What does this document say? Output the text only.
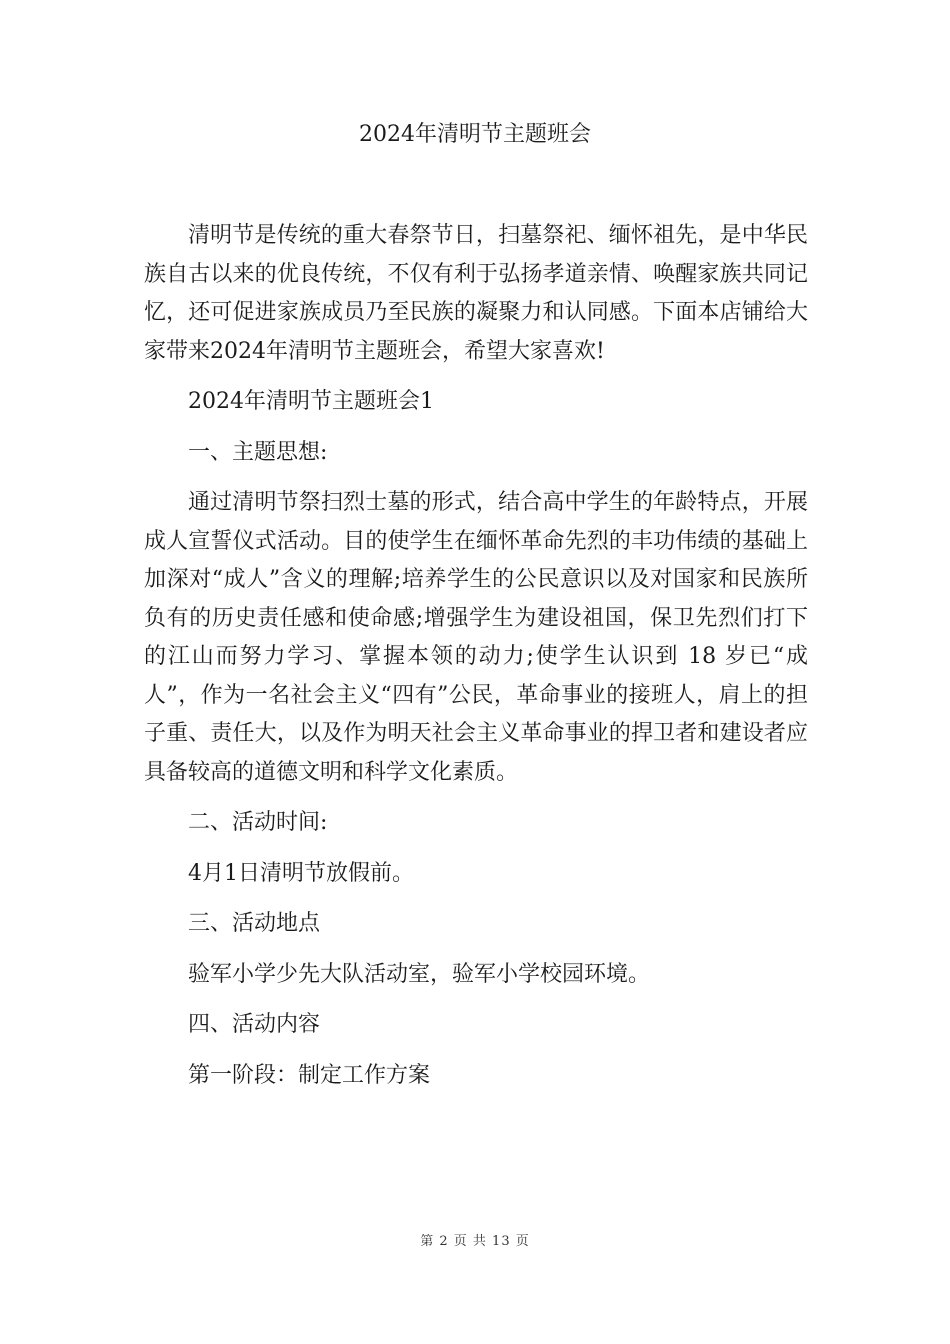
2024年清明节主题班会

清明节是传统的重大春祭节日，扫墓祭祀、缅怀祖先，是中华民族自古以来的优良传统，不仅有利于弘扬孝道亲情、唤醒家族共同记忆，还可促进家族成员乃至民族的凝聚力和认同感。下面本店铺给大家带来2024年清明节主题班会，希望大家喜欢!

2024年清明节主题班会1

一、主题思想:

通过清明节祭扫烈士墓的形式，结合高中学生的年龄特点，开展成人宣誓仪式活动。目的使学生在缅怀革命先烈的丰功伟绩的基础上加深对“成人”含义的理解;培养学生的公民意识以及对国家和民族所负有的历史责任感和使命感;增强学生为建设祖国，保卫先烈们打下的江山而努力学习、掌握本领的动力;使学生认识到 18 岁已“成人”，作为一名社会主义“四有”公民，革命事业的接班人，肩上的担子重、责任大，以及作为明天社会主义革命事业的捍卫者和建设者应具备较高的道德文明和科学文化素质。

二、活动时间:

4月1日清明节放假前。

三、活动地点

验军小学少先大队活动室，验军小学校园环境。

四、活动内容

第一阶段：制定工作方案

第 2 页 共 13 页
